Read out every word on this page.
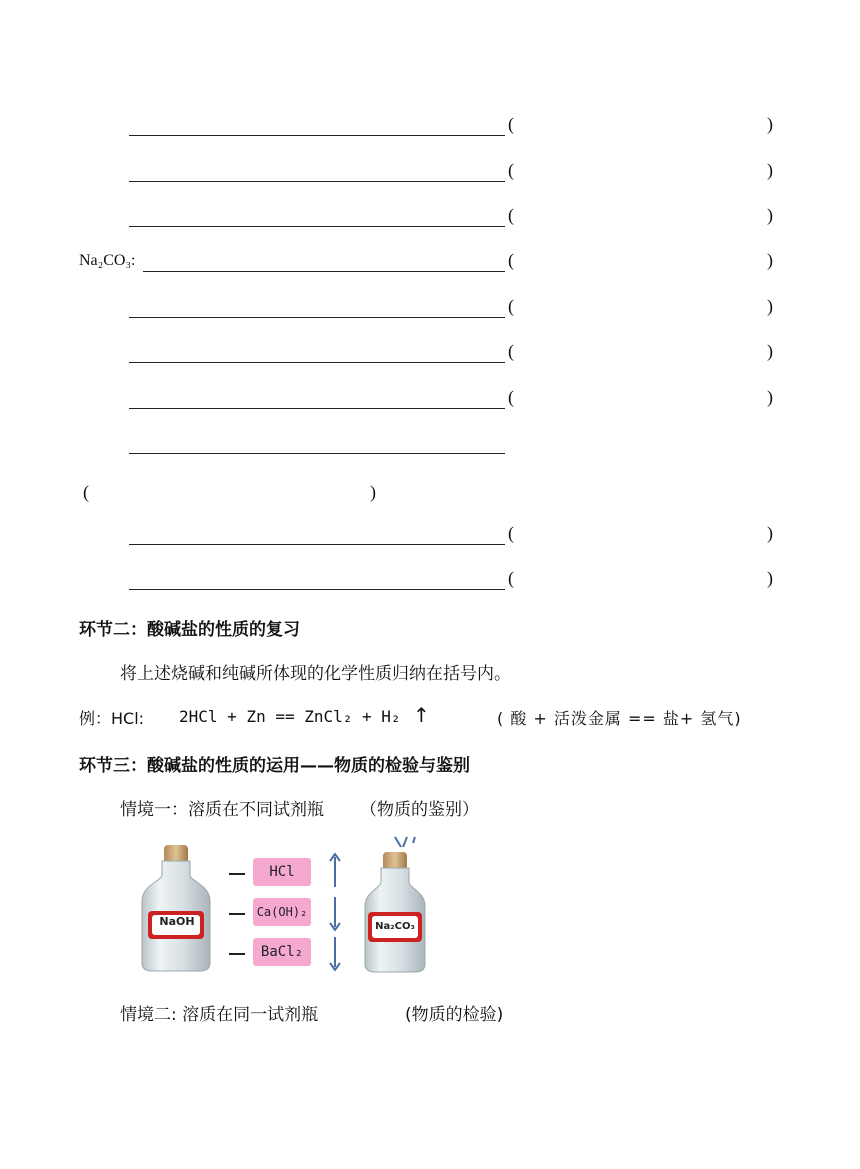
(	)
(	)
(	)
Na₂CO₃:	(	)
(	)
(	)
(	)
(	)
(	)
(	)
环节二：酸碱盐的性质的复习
将上述烧碱和纯碱所体现的化学性质归纳在括号内。
例：HCl: 2HCl + Zn == ZnCl₂ + H₂ ↑	( 酸 + 活泼金属 == 盐+ 氢气)
环节三：酸碱盐的性质的运用——物质的检验与鉴别
情境一：溶质在不同试剂瓶 （物质的鉴别）
NaOH
HCl
Ca(OH)₂
BaCl₂
Na₂CO₃
情境二: 溶质在同一试剂瓶	(物质的检验)
